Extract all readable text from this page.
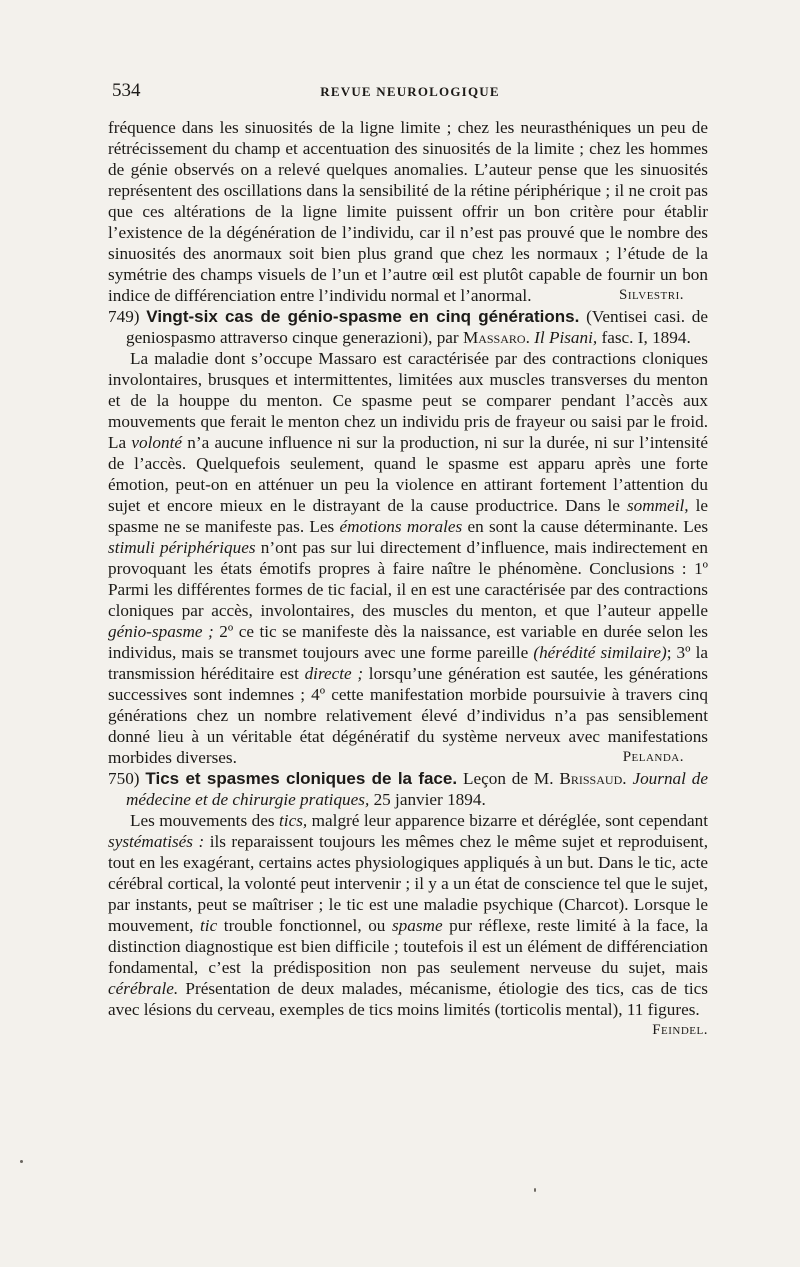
534	REVUE NEUROLOGIQUE

fréquence dans les sinuosités de la ligne limite ; chez les neurasthéniques un peu de rétrécissement du champ et accentuation des sinuosités de la limite ; chez les hommes de génie observés on a relevé quelques anomalies. L’auteur pense que les sinuosités représentent des oscillations dans la sensibilité de la rétine périphérique ; il ne croit pas que ces altérations de la ligne limite puissent offrir un bon critère pour établir l’existence de la dégénération de l’individu, car il n’est pas prouvé que le nombre des sinuosités des anormaux soit bien plus grand que chez les normaux ; l’étude de la symétrie des champs visuels de l’un et l’autre œil est plutôt capable de fournir un bon indice de différenciation entre l’individu normal et l’anormal.	Silvestri.

749) Vingt-six cas de génio-spasme en cinq générations. (Ventisei casi. de geniospasmo attraverso cinque generazioni), par Massaro. Il Pisani, fasc. I, 1894.

La maladie dont s’occupe Massaro est caractérisée par des contractions cloniques involontaires, brusques et intermittentes, limitées aux muscles transverses du menton et de la houppe du menton. Ce spasme peut se comparer pendant l’accès aux mouvements que ferait le menton chez un individu pris de frayeur ou saisi par le froid. La volonté n’a aucune influence ni sur la production, ni sur la durée, ni sur l’intensité de l’accès. Quelquefois seulement, quand le spasme est apparu après une forte émotion, peut-on en atténuer un peu la violence en attirant fortement l’attention du sujet et encore mieux en le distrayant de la cause productrice. Dans le sommeil, le spasme ne se manifeste pas. Les émotions morales en sont la cause déterminante. Les stimuli périphériques n’ont pas sur lui directement d’influence, mais indirectement en provoquant les états émotifs propres à faire naître le phénomène. Conclusions : 1º Parmi les différentes formes de tic facial, il en est une caractérisée par des contractions cloniques par accès, involontaires, des muscles du menton, et que l’auteur appelle génio-spasme ; 2º ce tic se manifeste dès la naissance, est variable en durée selon les individus, mais se transmet toujours avec une forme pareille (hérédité similaire); 3º la transmission héréditaire est directe ; lorsqu’une génération est sautée, les générations successives sont indemnes ; 4º cette manifestation morbide poursuivie à travers cinq générations chez un nombre relativement élevé d’individus n’a pas sensiblement donné lieu à un véritable état dégénératif du système nerveux avec manifestations morbides diverses.	Pelanda.

750) Tics et spasmes cloniques de la face. Leçon de M. Brissaud. Journal de médecine et de chirurgie pratiques, 25 janvier 1894.

Les mouvements des tics, malgré leur apparence bizarre et déréglée, sont cependant systématisés : ils reparaissent toujours les mêmes chez le même sujet et reproduisent, tout en les exagérant, certains actes physiologiques appliqués à un but. Dans le tic, acte cérébral cortical, la volonté peut intervenir ; il y a un état de conscience tel que le sujet, par instants, peut se maîtriser ; le tic est une maladie psychique (Charcot). Lorsque le mouvement, tic trouble fonctionnel, ou spasme pur réflexe, reste limité à la face, la distinction diagnostique est bien difficile ; toutefois il est un élément de différenciation fondamental, c’est la prédisposition non pas seulement nerveuse du sujet, mais cérébrale. Présentation de deux malades, mécanisme, étiologie des tics, cas de tics avec lésions du cerveau, exemples de tics moins limités (torticolis mental), 11 figures.
Feindel.
